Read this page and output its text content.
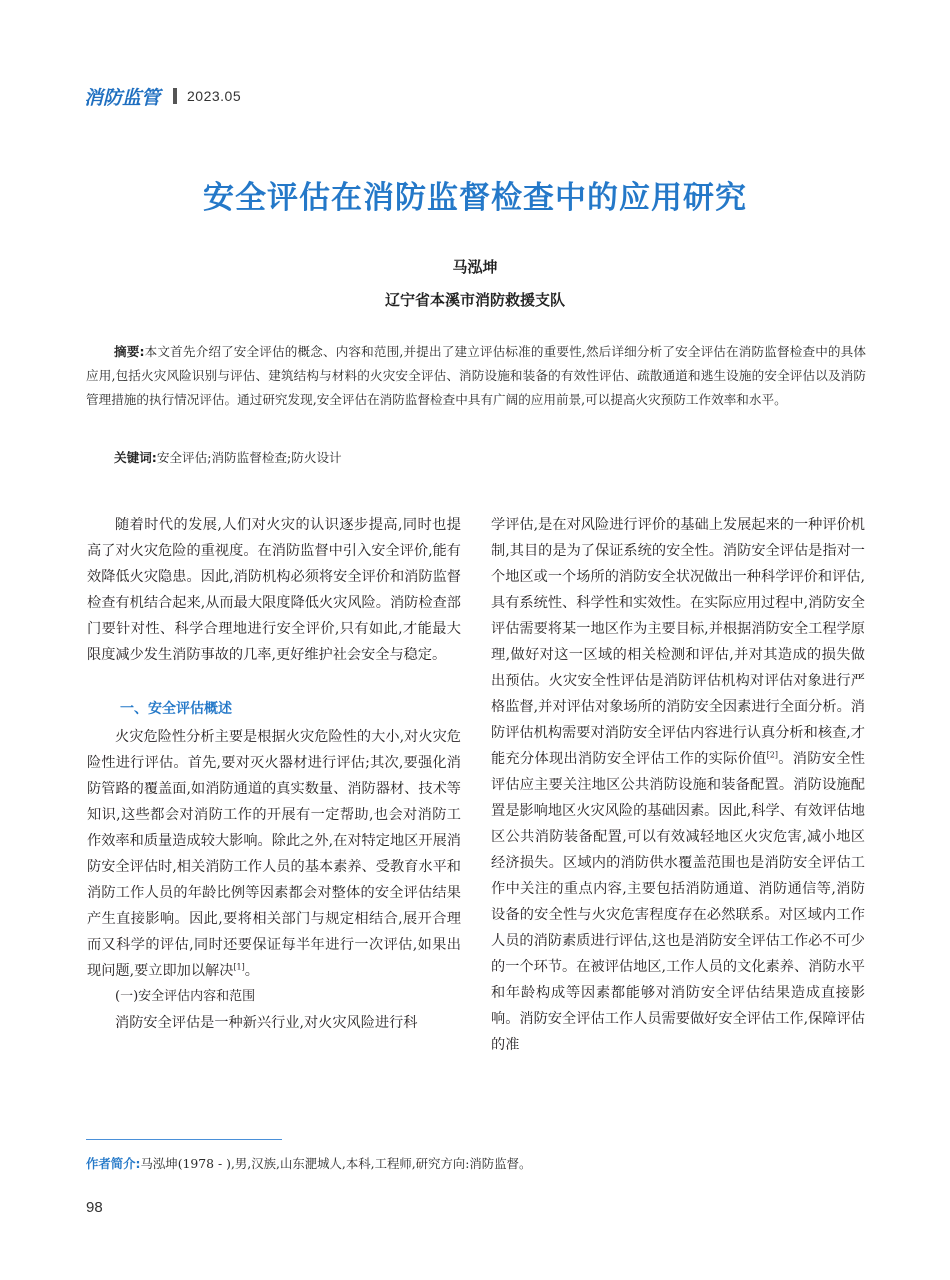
消防监管 2023.05
安全评估在消防监督检查中的应用研究
马泓坤
辽宁省本溪市消防救援支队

摘要:本文首先介绍了安全评估的概念、内容和范围,并提出了建立评估标准的重要性,然后详细分析了安全评估在消防监督检查中的具体应用,包括火灾风险识别与评估、建筑结构与材料的火灾安全评估、消防设施和装备的有效性评估、疏散通道和逃生设施的安全评估以及消防管理措施的执行情况评估。通过研究发现,安全评估在消防监督检查中具有广阔的应用前景,可以提高火灾预防工作效率和水平。

关键词:安全评估;消防监督检查;防火设计

随着时代的发展,人们对火灾的认识逐步提高,同时也提高了对火灾危险的重视度。在消防监督中引入安全评价,能有效降低火灾隐患。因此,消防机构必须将安全评价和消防监督检查有机结合起来,从而最大限度降低火灾风险。消防检查部门要针对性、科学合理地进行安全评价,只有如此,才能最大限度减少发生消防事故的几率,更好维护社会安全与稳定。

一、安全评估概述

火灾危险性分析主要是根据火灾危险性的大小,对火灾危险性进行评估。首先,要对灭火器材进行评估;其次,要强化消防管路的覆盖面,如消防通道的真实数量、消防器材、技术等知识,这些都会对消防工作的开展有一定帮助,也会对消防工作效率和质量造成较大影响。除此之外,在对特定地区开展消防安全评估时,相关消防工作人员的基本素养、受教育水平和消防工作人员的年龄比例等因素都会对整体的安全评估结果产生直接影响。因此,要将相关部门与规定相结合,展开合理而又科学的评估,同时还要保证每半年进行一次评估,如果出现问题,要立即加以解决[1]。

(一)安全评估内容和范围

消防安全评估是一种新兴行业,对火灾风险进行科

学评估,是在对风险进行评价的基础上发展起来的一种评价机制,其目的是为了保证系统的安全性。消防安全评估是指对一个地区或一个场所的消防安全状况做出一种科学评价和评估,具有系统性、科学性和实效性。在实际应用过程中,消防安全评估需要将某一地区作为主要目标,并根据消防安全工程学原理,做好对这一区域的相关检测和评估,并对其造成的损失做出预估。火灾安全性评估是消防评估机构对评估对象进行严格监督,并对评估对象场所的消防安全因素进行全面分析。消防评估机构需要对消防安全评估内容进行认真分析和核查,才能充分体现出消防安全评估工作的实际价值[2]。消防安全性评估应主要关注地区公共消防设施和装备配置。消防设施配置是影响地区火灾风险的基础因素。因此,科学、有效评估地区公共消防装备配置,可以有效减轻地区火灾危害,减小地区经济损失。区域内的消防供水覆盖范围也是消防安全评估工作中关注的重点内容,主要包括消防通道、消防通信等,消防设备的安全性与火灾危害程度存在必然联系。对区域内工作人员的消防素质进行评估,这也是消防安全评估工作必不可少的一个环节。在被评估地区,工作人员的文化素养、消防水平和年龄构成等因素都能够对消防安全评估结果造成直接影响。消防安全评估工作人员需要做好安全评估工作,保障评估的准

作者简介:马泓坤(1978 - ),男,汉族,山东淝城人,本科,工程师,研究方向:消防监督。
98
